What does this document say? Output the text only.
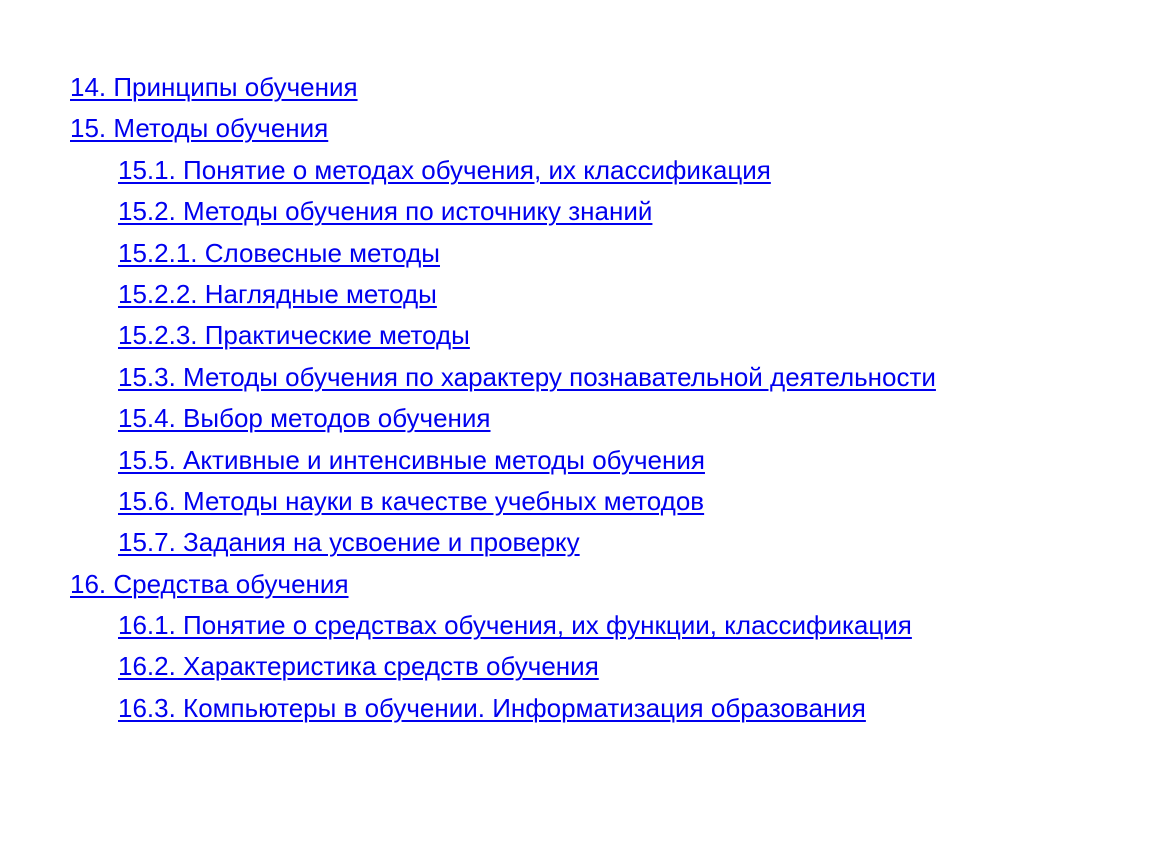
14. Принципы обучения
15. Методы обучения
15.1. Понятие о методах обучения, их классификация
15.2. Методы обучения по источнику знаний
15.2.1. Словесные методы
15.2.2. Наглядные методы
15.2.3. Практические методы
15.3. Методы обучения по характеру познавательной деятельности
15.4. Выбор методов обучения
15.5. Активные и интенсивные методы обучения
15.6. Методы науки в качестве учебных методов
15.7. Задания на усвоение и проверку
16. Средства обучения
16.1. Понятие о средствах обучения, их функции, классификация
16.2. Характеристика средств обучения
16.3. Компьютеры в обучении. Информатизация образования
